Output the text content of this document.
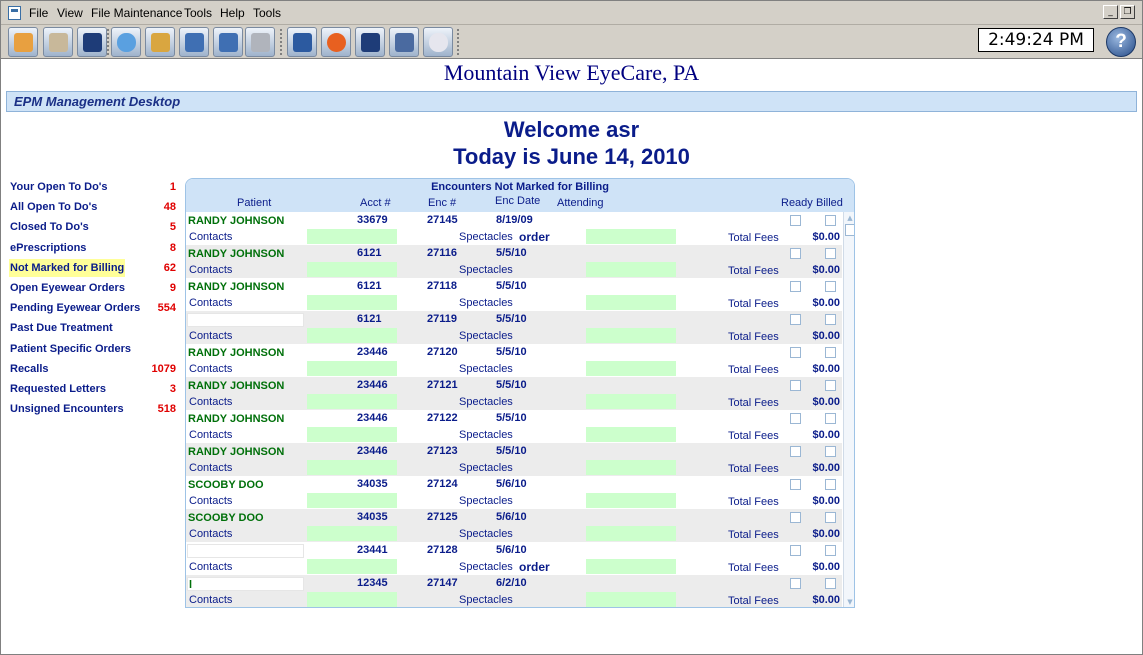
File View File Maintenance Tools Help Tools	_	❐
2:49:24 PM	?
Mountain View EyeCare, PA
EPM Management Desktop
Welcome asr
Today is June 14, 2010
Your Open To Do's	1
All Open To Do's	48
Closed To Do's	5
ePrescriptions	8
Not Marked for Billing	62
Open Eyewear Orders	9
Pending Eyewear Orders 554
Past Due Treatment
Patient Specific Orders
Recalls	1079
Requested Letters	3
Unsigned Encounters	518
Encounters Not Marked for Billing
Patient	Acct #	Enc #	Enc Date Attending	Ready Billed
RANDY JOHNSON	33679	27145	8/19/09
Contacts	Spectacles order	Total Fees	$0.00
RANDY JOHNSON	6121	27116	5/5/10
Contacts	Spectacles	Total Fees	$0.00
RANDY JOHNSON	6121	27118	5/5/10
Contacts	Spectacles	Total Fees	$0.00
6121	27119	5/5/10
Contacts	Spectacles	Total Fees	$0.00
RANDY JOHNSON	23446	27120	5/5/10
Contacts	Spectacles	Total Fees	$0.00
RANDY JOHNSON	23446	27121	5/5/10
Contacts	Spectacles	Total Fees	$0.00
RANDY JOHNSON	23446	27122	5/5/10
Contacts	Spectacles	Total Fees	$0.00
RANDY JOHNSON	23446	27123	5/5/10
Contacts	Spectacles	Total Fees	$0.00
SCOOBY DOO	34035	27124	5/6/10
Contacts	Spectacles	Total Fees	$0.00
SCOOBY DOO	34035	27125	5/6/10
Contacts	Spectacles	Total Fees	$0.00
23441	27128	5/6/10
Contacts	Spectacles order	Total Fees	$0.00
l	12345	27147	6/2/10
Contacts	Spectacles	Total Fees	$0.00
▲
▼
